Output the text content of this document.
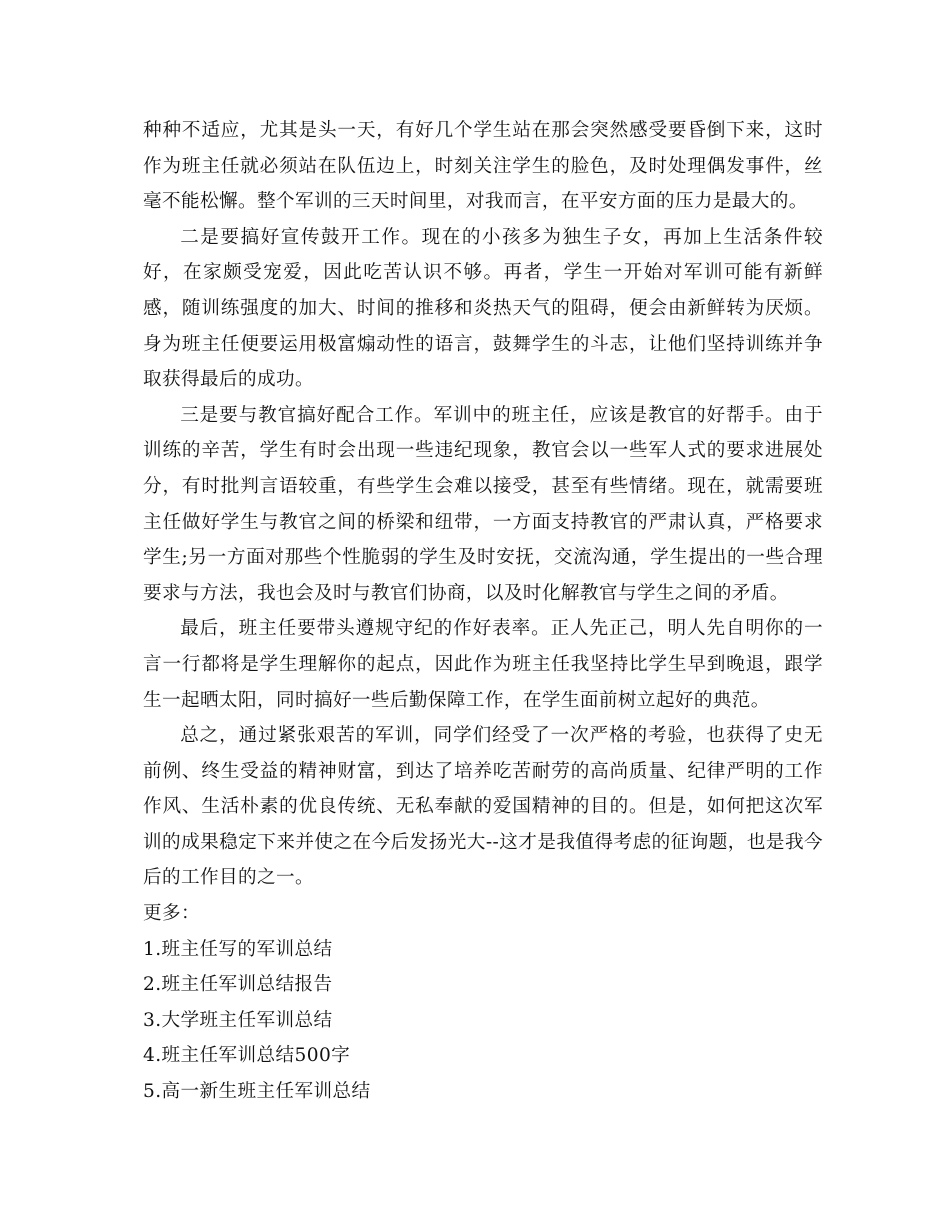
种种不适应，尤其是头一天，有好几个学生站在那会突然感受要昏倒下来，这时作为班主任就必须站在队伍边上，时刻关注学生的脸色，及时处理偶发事件，丝毫不能松懈。整个军训的三天时间里，对我而言，在平安方面的压力是最大的。

二是要搞好宣传鼓开工作。现在的小孩多为独生子女，再加上生活条件较好，在家颇受宠爱，因此吃苦认识不够。再者，学生一开始对军训可能有新鲜感，随训练强度的加大、时间的推移和炎热天气的阻碍，便会由新鲜转为厌烦。身为班主任便要运用极富煽动性的语言，鼓舞学生的斗志，让他们坚持训练并争取获得最后的成功。

三是要与教官搞好配合工作。军训中的班主任，应该是教官的好帮手。由于训练的辛苦，学生有时会出现一些违纪现象，教官会以一些军人式的要求进展处分，有时批判言语较重，有些学生会难以接受，甚至有些情绪。现在，就需要班主任做好学生与教官之间的桥梁和纽带，一方面支持教官的严肃认真，严格要求学生;另一方面对那些个性脆弱的学生及时安抚，交流沟通，学生提出的一些合理要求与方法，我也会及时与教官们协商，以及时化解教官与学生之间的矛盾。

最后，班主任要带头遵规守纪的作好表率。正人先正己，明人先自明你的一言一行都将是学生理解你的起点，因此作为班主任我坚持比学生早到晚退，跟学生一起晒太阳，同时搞好一些后勤保障工作，在学生面前树立起好的典范。

总之，通过紧张艰苦的军训，同学们经受了一次严格的考验，也获得了史无前例、终生受益的精神财富，到达了培养吃苦耐劳的高尚质量、纪律严明的工作作风、生活朴素的优良传统、无私奉献的爱国精神的目的。但是，如何把这次军训的成果稳定下来并使之在今后发扬光大--这才是我值得考虑的征询题，也是我今后的工作目的之一。

更多：
1.班主任写的军训总结
2.班主任军训总结报告
3.大学班主任军训总结
4.班主任军训总结500字
5.高一新生班主任军训总结
